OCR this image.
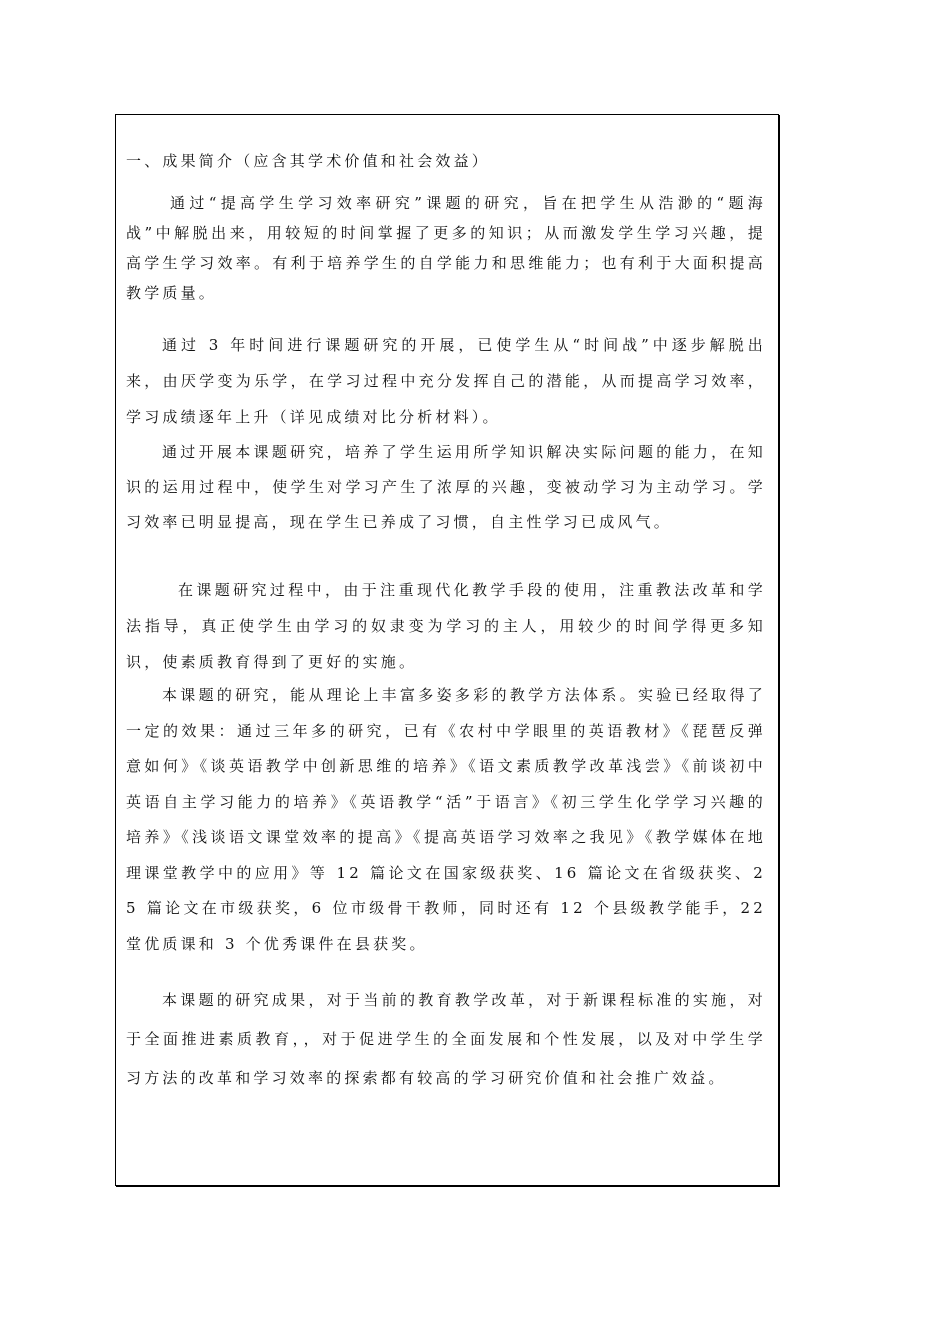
一、成果简介（应含其学术价值和社会效益）

通过“提高学生学习效率研究”课题的研究，旨在把学生从浩渺的“题海战”中解脱出来，用较短的时间掌握了更多的知识；从而激发学生学习兴趣，提高学生学习效率。有利于培养学生的自学能力和思维能力；也有利于大面积提高教学质量。

通过 3 年时间进行课题研究的开展，已使学生从“时间战”中逐步解脱出来，由厌学变为乐学，在学习过程中充分发挥自己的潜能，从而提高学习效率，学习成绩逐年上升（详见成绩对比分析材料）。

通过开展本课题研究，培养了学生运用所学知识解决实际问题的能力，在知识的运用过程中，使学生对学习产生了浓厚的兴趣，变被动学习为主动学习。学习效率已明显提高，现在学生已养成了习惯，自主性学习已成风气。

在课题研究过程中，由于注重现代化教学手段的使用，注重教法改革和学法指导，真正使学生由学习的奴隶变为学习的主人，用较少的时间学得更多知识，使素质教育得到了更好的实施。

本课题的研究，能从理论上丰富多姿多彩的教学方法体系。实验已经取得了一定的效果：通过三年多的研究，已有《农村中学眼里的英语教材》《琵琶反弹意如何》《谈英语教学中创新思维的培养》《语文素质教学改革浅尝》《前谈初中英语自主学习能力的培养》《英语教学“活”于语言》《初三学生化学学习兴趣的培养》《浅谈语文课堂效率的提高》《提高英语学习效率之我见》《教学媒体在地理课堂教学中的应用》等 12 篇论文在国家级获奖、16 篇论文在省级获奖、25 篇论文在市级获奖，6 位市级骨干教师，同时还有 12 个县级教学能手，22 堂优质课和 3 个优秀课件在县获奖。

本课题的研究成果，对于当前的教育教学改革，对于新课程标准的实施，对于全面推进素质教育，，对于促进学生的全面发展和个性发展，以及对中学生学习方法的改革和学习效率的探索都有较高的学习研究价值和社会推广效益。
